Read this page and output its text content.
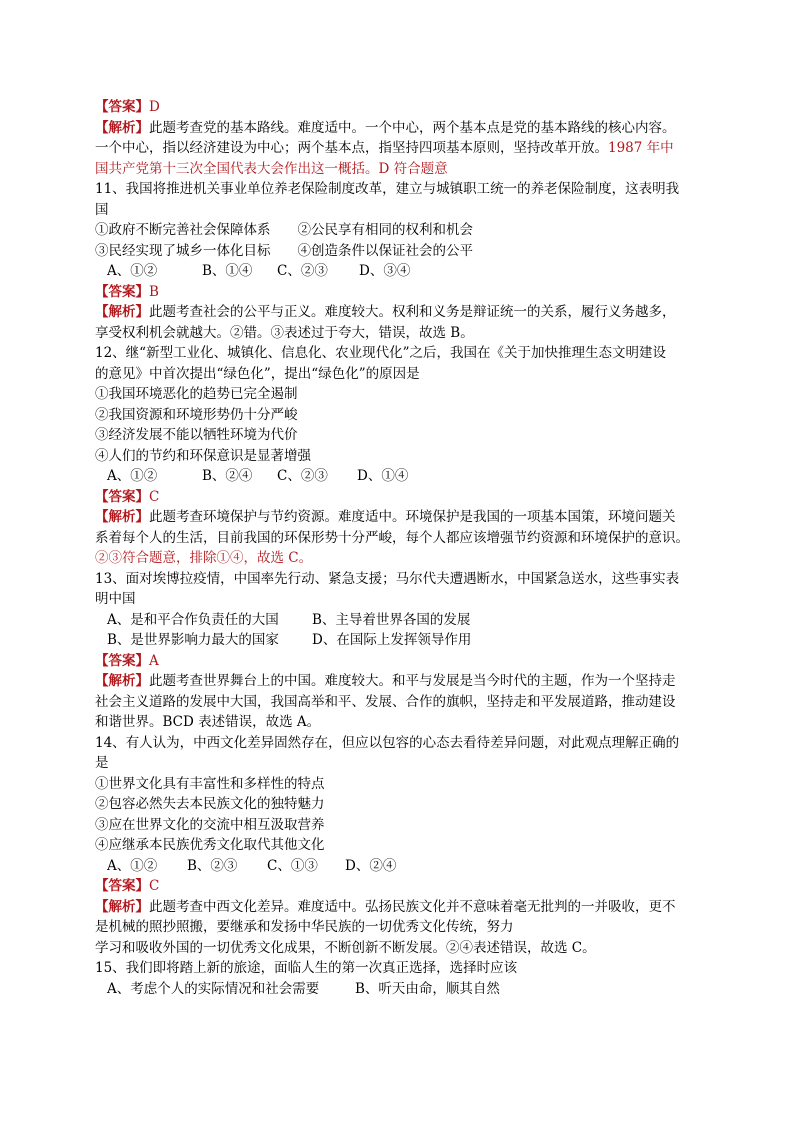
【答案】D
【解析】此题考查党的基本路线。难度适中。一个中心，两个基本点是党的基本路线的核心内容。
一个中心，指以经济建设为中心；两个基本点，指坚持四项基本原则，坚持改革开放。1987 年中
国共产党第十三次全国代表大会作出这一概括。D 符合题意
11、我国将推进机关事业单位养老保险制度改革，建立与城镇职工统一的养老保险制度，这表明我
国
①政府不断完善社会保障体系　　②公民享有相同的权利和机会
③民经实现了城乡一体化目标　　④创造条件以保证社会的公平
A、①②	B、①④ C、②③ D、③④
【答案】B
【解析】此题考查社会的公平与正义。难度较大。权利和义务是辩证统一的关系，履行义务越多，
享受权利机会就越大。②错。③表述过于夸大，错误，故选 B。
12、继“新型工业化、城镇化、信息化、农业现代化”之后，我国在《关于加快推理生态文明建设
的意见》中首次提出“绿色化”，提出“绿色化”的原因是
①我国环境恶化的趋势已完全遏制
②我国资源和环境形势仍十分严峻
③经济发展不能以牺牲环境为代价
④人们的节约和环保意识是显著增强
A、①②	B、②④ C、②③ D、①④
【答案】C
【解析】此题考查环境保护与节约资源。难度适中。环境保护是我国的一项基本国策，环境问题关
系着每个人的生活，目前我国的环保形势十分严峻，每个人都应该增强节约资源和环境保护的意识。
②③符合题意，排除①④，故选 C。
13、面对埃博拉疫情，中国率先行动、紧急支援；马尔代夫遭遇断水，中国紧急送水，这些事实表
明中国
A、是和平合作负责任的大国 B、主导着世界各国的发展
B、是世界影响力最大的国家 D、在国际上发挥领导作用
【答案】A
【解析】此题考查世界舞台上的中国。难度较大。和平与发展是当今时代的主题，作为一个坚持走
社会主义道路的发展中大国，我国高举和平、发展、合作的旗帜，坚持走和平发展道路，推动建设
和谐世界。BCD 表述错误，故选 A。
14、有人认为，中西文化差异固然存在，但应以包容的心态去看待差异问题，对此观点理解正确的
是
①世界文化具有丰富性和多样性的特点
②包容必然失去本民族文化的独特魅力
③应在世界文化的交流中相互汲取营养
④应继承本民族优秀文化取代其他文化
A、①② B、②③ C、①③ D、②④
【答案】C
【解析】此题考查中西文化差异。难度适中。弘扬民族文化并不意味着毫无批判的一并吸收，更不
是机械的照抄照搬，要继承和发扬中华民族的一切优秀文化传统，努力
学习和吸收外国的一切优秀文化成果，不断创新不断发展。②④表述错误，故选 C。
15、我们即将踏上新的旅途，面临人生的第一次真正选择，选择时应该
A、考虑个人的实际情况和社会需要	B、听天由命，顺其自然
